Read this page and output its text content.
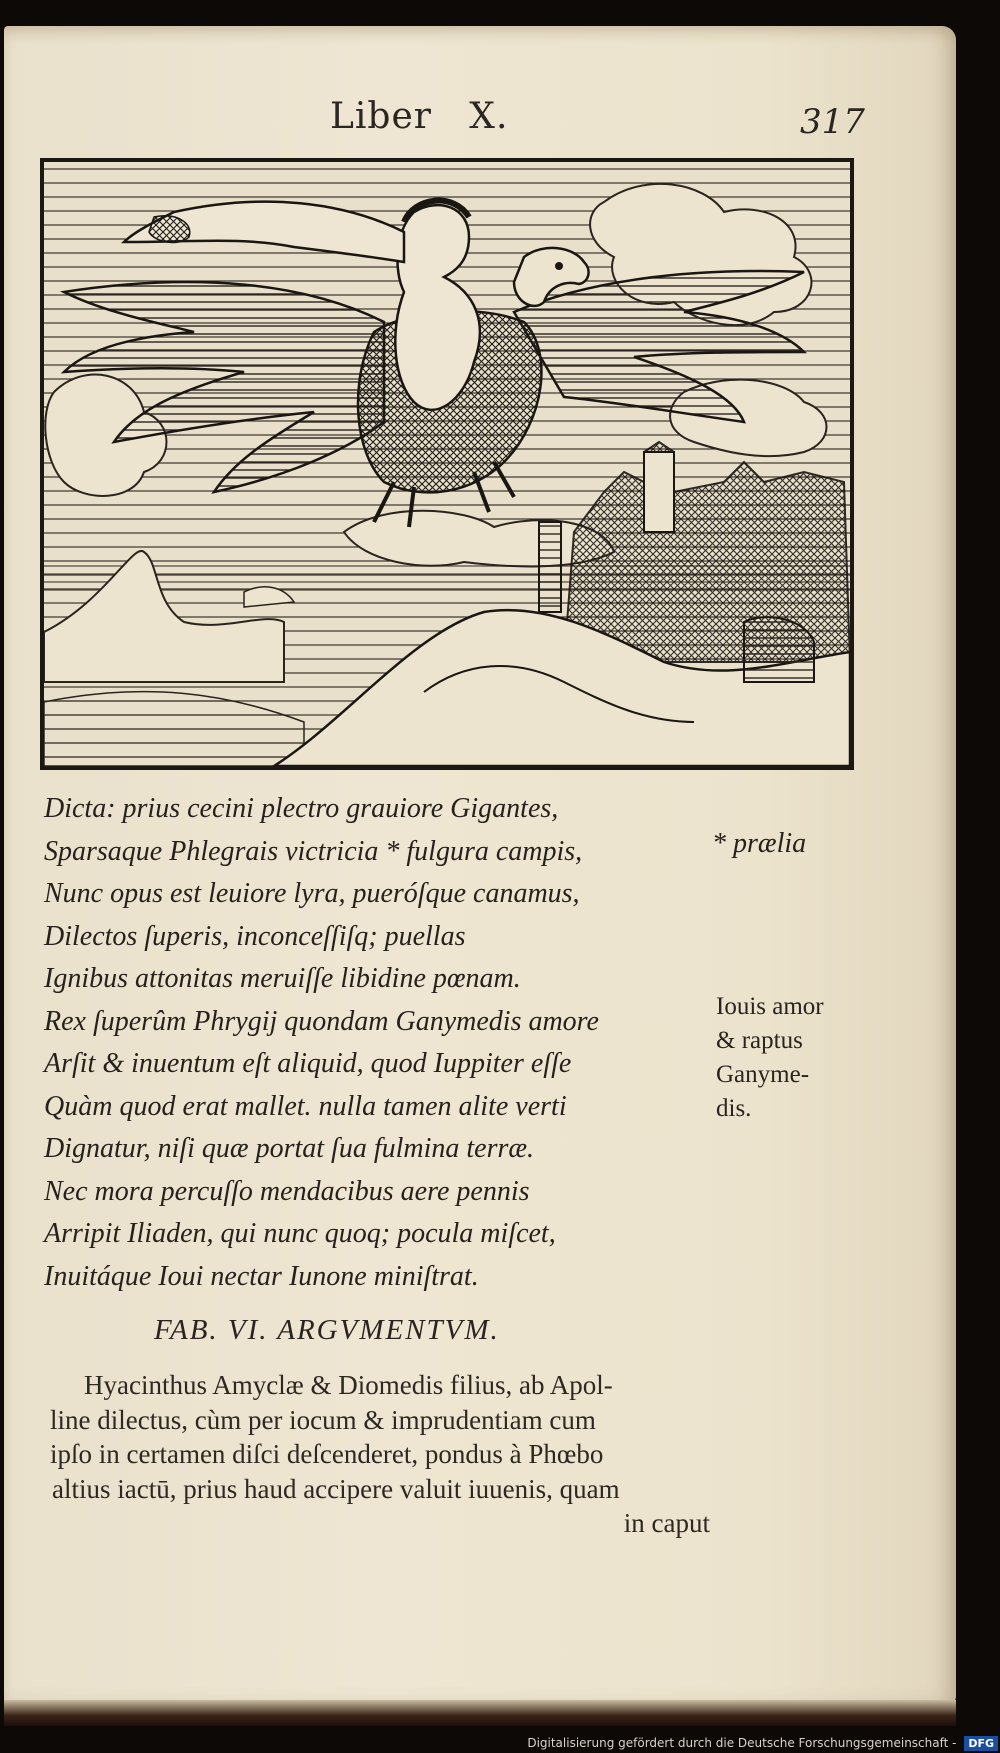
Liber   X.	317
Dicta: prius cecini plectro grauiore Gigantes,
Sparsaque Phlegrais victricia * fulgura campis,
Nunc opus est leuiore lyra, pueróſque canamus,
Dilectos ſuperis, inconceſſiſq; puellas
Ignibus attonitas meruiſſe libidine pœnam.
Rex ſuperûm Phrygij quondam Ganymedis amore
Arſit & inuentum eſt aliquid, quod Iuppiter eſſe
Quàm quod erat mallet. nulla tamen alite verti
Dignatur, niſi quæ portat ſua fulmina terræ.
Nec mora percuſſo mendacibus aere pennis
Arripit Iliaden, qui nunc quoq; pocula miſcet,
Inuitáque Ioui nectar Iunone miniſtrat.
* prælia
Iouis amor
& raptus
Ganyme-
dis.
FAB. VI. ARGVMENTVM.
Hyacinthus Amyclæ & Diomedis filius, ab Apol-
line dilectus, cùm per iocum & imprudentiam cum
ipſo in certamen diſci deſcenderet, pondus à Phœbo
altius iactū, prius haud accipere valuit iuuenis, quam
in caput
Digitalisierung gefördert durch die Deutsche Forschungsgemeinschaft - DFG
